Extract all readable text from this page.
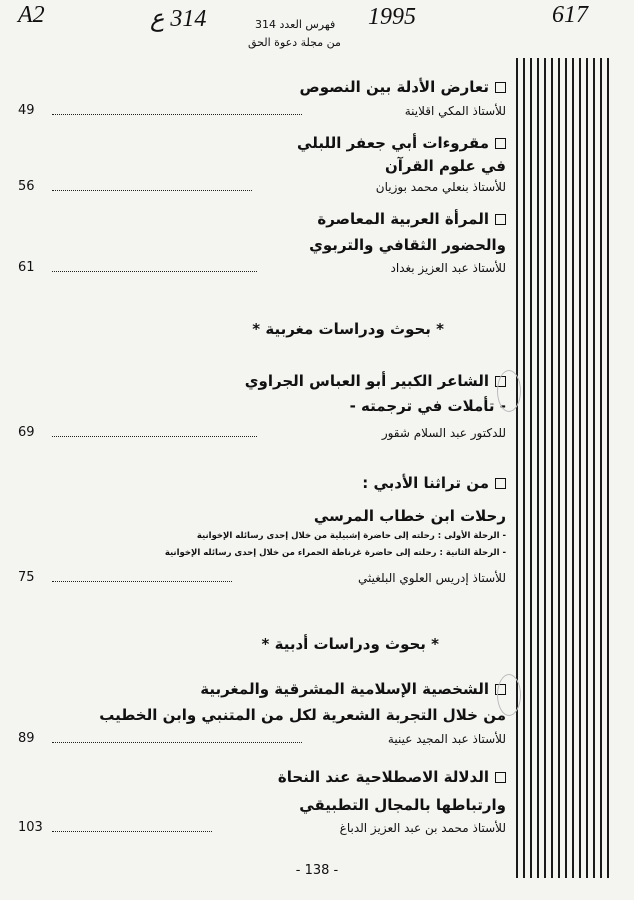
A2	314 ع	1995	617
فهرس العدد 314
من مجلة دعوة الحق
تعارض الأدلة بين النصوص
للأستاذ المكي اقلاينة
49
مقروءات أبي جعفر اللبلي
في علوم القرآن
للأستاذ بنعلي محمد بوزيان
56
المرأة العربية المعاصرة
والحضور الثقافي والتربوي
للأستاذ عبد العزيز بغداد
61
* بحوث ودراسات مغربية *
الشاعر الكبير أبو العباس الجراوي
- تأملات في ترجمته -
للدكتور عبد السلام شقور
69
من تراثنا الأدبي :
رحلات ابن خطاب المرسي
- الرحلة الأولى : رحلته إلى حاضرة إشبيلية من خلال إحدى رسائله الإخوانية
- الرحلة الثانية : رحلته إلى حاضرة غرناطة الحمراء من خلال إحدى رسائله الإخوانية
للأستاذ إدريس العلوي البلغيثي
75
* بحوث ودراسات أدبية *
الشخصية الإسلامية المشرقية والمغربية
من خلال التجربة الشعرية لكل من المتنبي وابن الخطيب
للأستاذ عبد المجيد عينية
89
الدلالة الاصطلاحية عند النحاة
وارتباطها بالمجال التطبيقي
للأستاذ محمد بن عبد العزيز الدباغ
103
- 138 -
